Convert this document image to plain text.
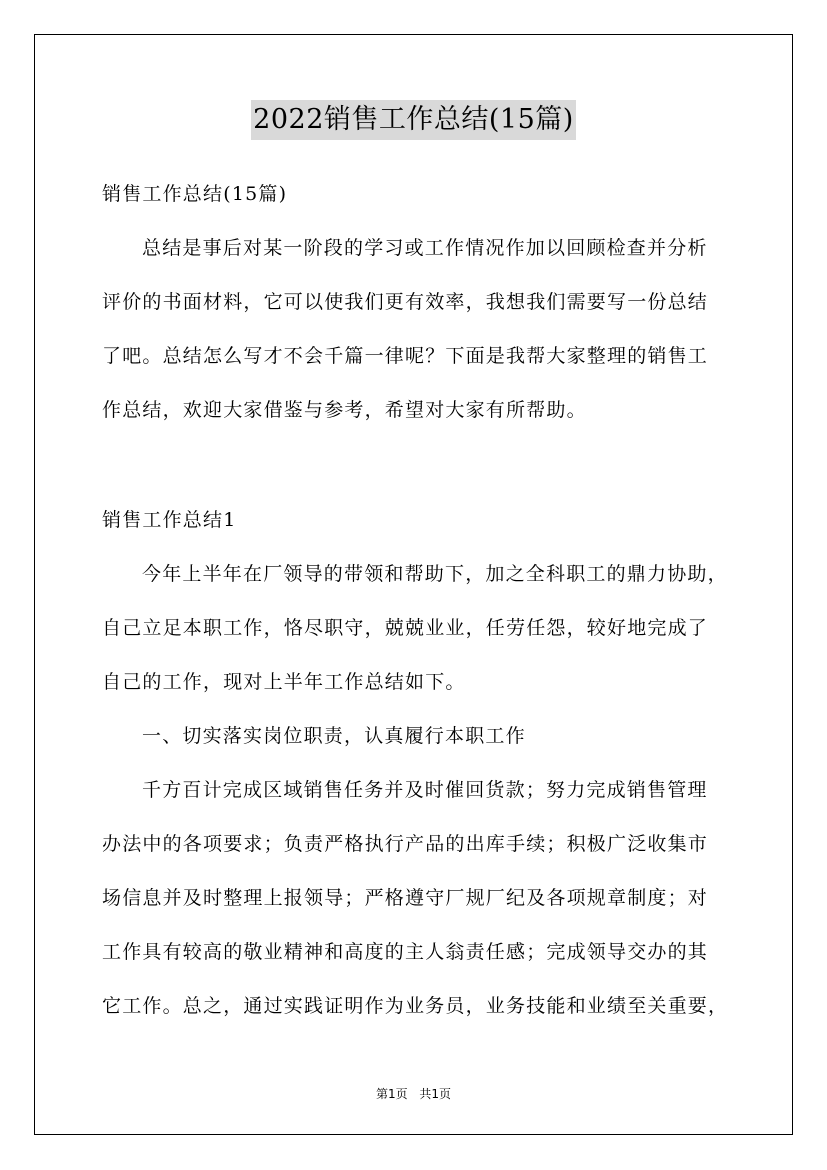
2022销售工作总结(15篇)
销售工作总结(15篇)
总结是事后对某一阶段的学习或工作情况作加以回顾检查并分析
评价的书面材料，它可以使我们更有效率，我想我们需要写一份总结
了吧。总结怎么写才不会千篇一律呢？下面是我帮大家整理的销售工
作总结，欢迎大家借鉴与参考，希望对大家有所帮助。
销售工作总结1
今年上半年在厂领导的带领和帮助下，加之全科职工的鼎力协助，
自己立足本职工作，恪尽职守，兢兢业业，任劳任怨，较好地完成了
自己的工作，现对上半年工作总结如下。
一、切实落实岗位职责，认真履行本职工作
千方百计完成区域销售任务并及时催回货款；努力完成销售管理
办法中的各项要求；负责严格执行产品的出库手续；积极广泛收集市
场信息并及时整理上报领导；严格遵守厂规厂纪及各项规章制度；对
工作具有较高的敬业精神和高度的主人翁责任感；完成领导交办的其
它工作。总之，通过实践证明作为业务员，业务技能和业绩至关重要，
第1页 共1页
